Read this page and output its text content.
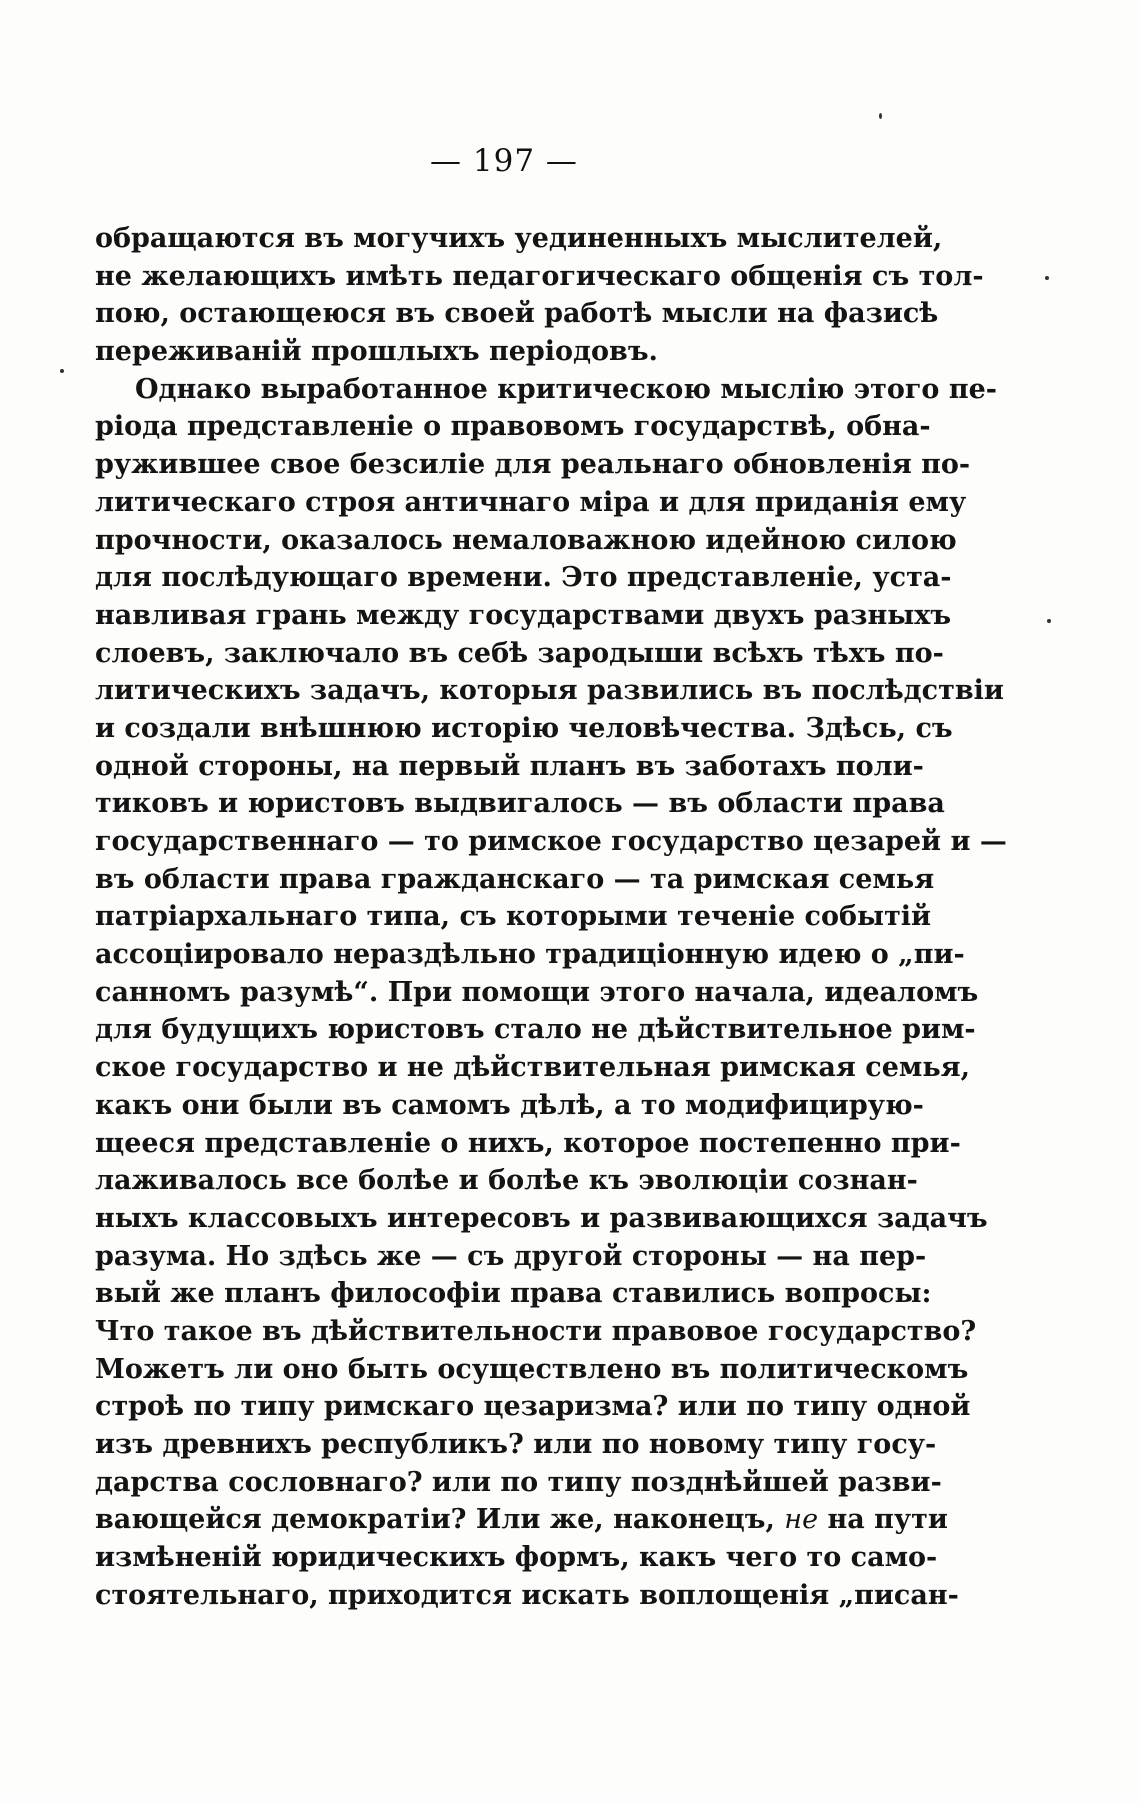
— 197 —
обращаются въ могучихъ уединенныхъ мыслителей,
не желающихъ имѣть педагогическаго общенія съ тол-
пою, остающеюся въ своей работѣ мысли на фазисѣ
переживаній прошлыхъ періодовъ.
Однако выработанное критическою мыслію этого пе-
ріода представленіе о правовомъ государствѣ, обна-
ружившее свое безсиліе для реальнаго обновленія по-
литическаго строя античнаго міра и для приданія ему
прочности, оказалось немаловажною идейною силою
для послѣдующаго времени. Это представленіе, уста-
навливая грань между государствами двухъ разныхъ
слоевъ, заключало въ себѣ зародыши всѣхъ тѣхъ по-
литическихъ задачъ, которыя развились въ послѣдствіи
и создали внѣшнюю исторію человѣчества. Здѣсь, съ
одной стороны, на первый планъ въ заботахъ поли-
тиковъ и юристовъ выдвигалось — въ области права
государственнаго — то римское государство цезарей и —
въ области права гражданскаго — та римская семья
патріархальнаго типа, съ которыми теченіе событій
ассоціировало нераздѣльно традиціонную идею о „пи-
санномъ разумѣ“. При помощи этого начала, идеаломъ
для будущихъ юристовъ стало не дѣйствительное рим-
ское государство и не дѣйствительная римская семья,
какъ они были въ самомъ дѣлѣ, а то модифицирую-
щееся представленіе о нихъ, которое постепенно при-
лаживалось все болѣе и болѣе къ эволюціи сознан-
ныхъ классовыхъ интересовъ и развивающихся задачъ
разума. Но здѣсь же — съ другой стороны — на пер-
вый же планъ философіи права ставились вопросы:
Что такое въ дѣйствительности правовое государство?
Можетъ ли оно быть осуществлено въ политическомъ
строѣ по типу римскаго цезаризма? или по типу одной
изъ древнихъ республикъ? или по новому типу госу-
дарства сословнаго? или по типу позднѣйшей разви-
вающейся демократіи? Или же, наконецъ, не на пути
измѣненій юридическихъ формъ, какъ чего то само-
стоятельнаго, приходится искать воплощенія „писан-
